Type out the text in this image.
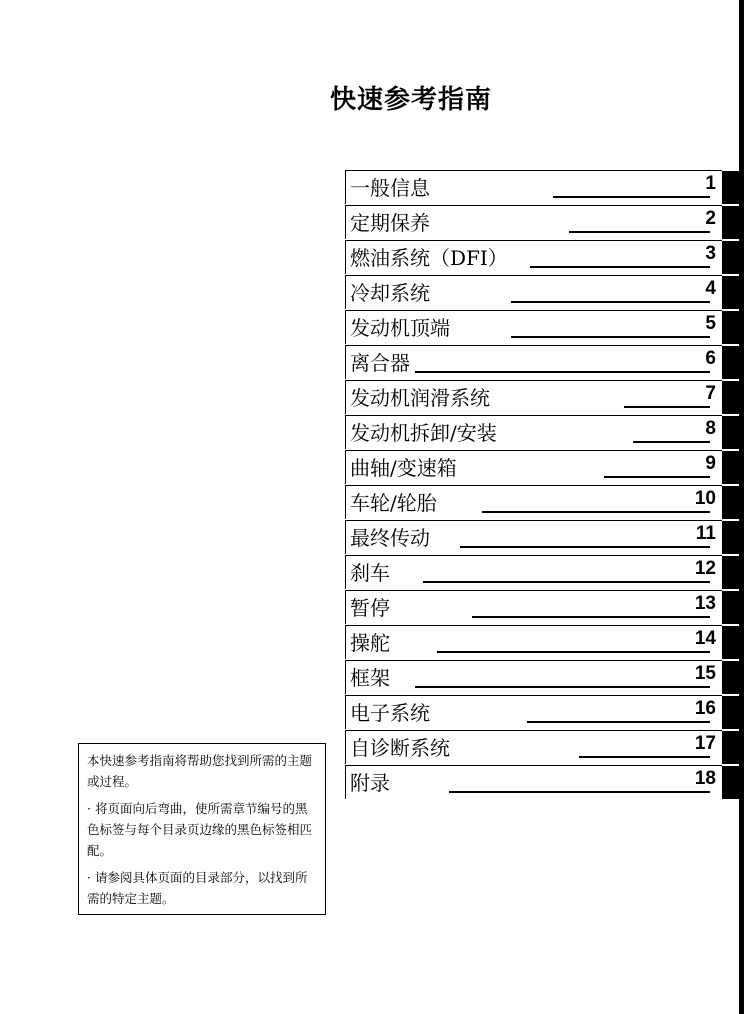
快速参考指南
一般信息	1
定期保养	2
燃油系统（DFI）	3
冷却系统	4
发动机顶端	5
离合器	6
发动机润滑系统	7
发动机拆卸/安装	8
曲轴/变速箱	9
车轮/轮胎	10
最终传动	11
刹车	12
暂停	13
操舵	14
框架	15
电子系统	16
自诊断系统	17
附录	18

本快速参考指南将帮助您找到所需的主题或过程。

· 将页面向后弯曲，使所需章节编号的黑色标签与每个目录页边缘的黑色标签相匹配。

· 请参阅具体页面的目录部分，以找到所需的特定主题。
